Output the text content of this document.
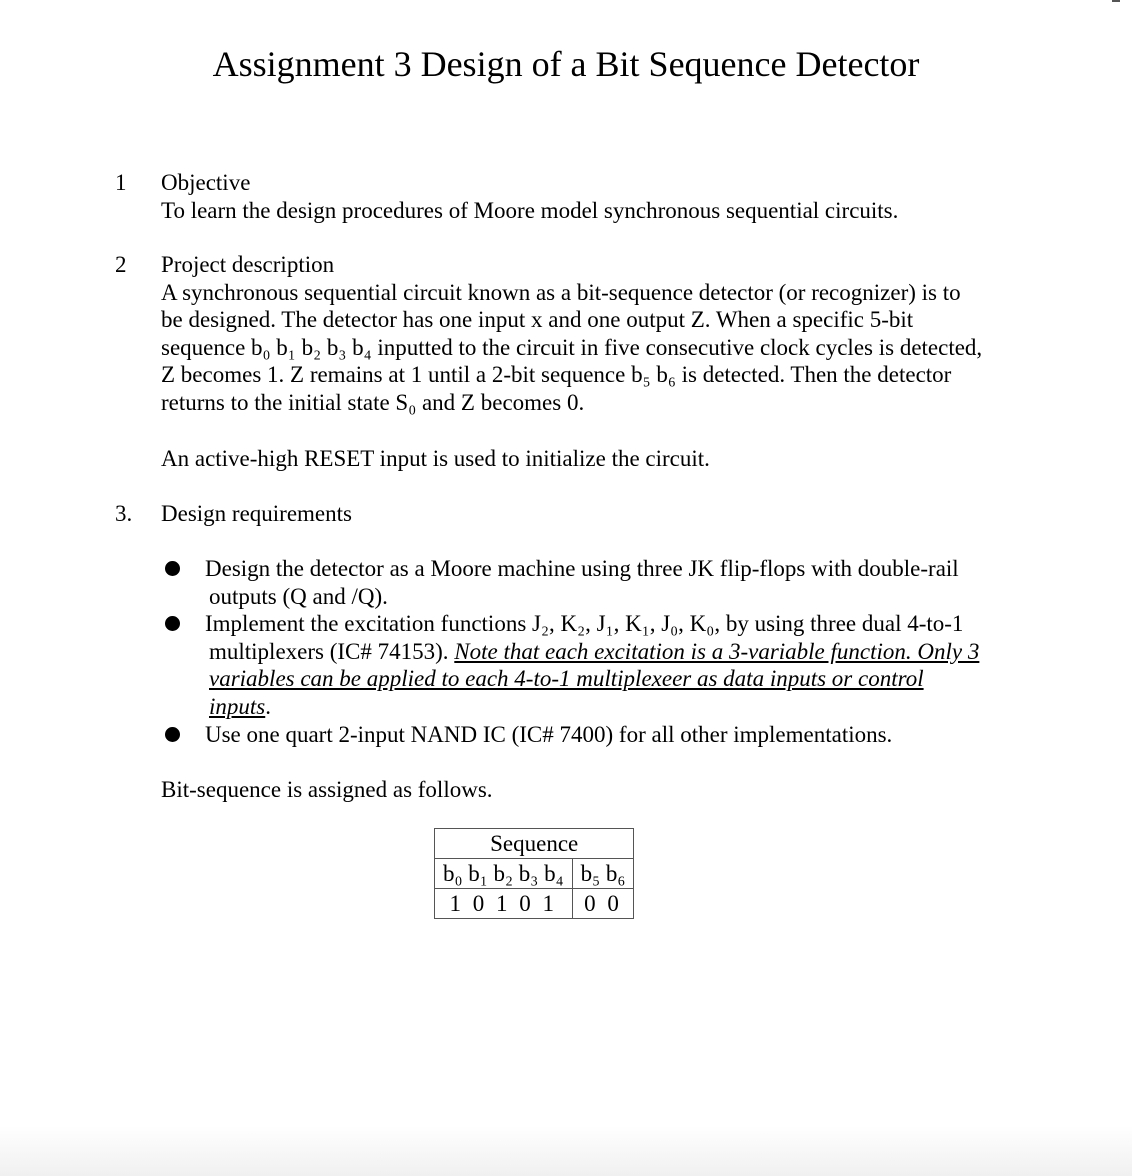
Assignment 3 Design of a Bit Sequence Detector
1 Objective
To learn the design procedures of Moore model synchronous sequential circuits.
2 Project description
A synchronous sequential circuit known as a bit-sequence detector (or recognizer) is to
be designed. The detector has one input x and one output Z. When a specific 5-bit
sequence b₀ b₁ b₂ b₃ b₄ inputted to the circuit in five consecutive clock cycles is detected,
Z becomes 1. Z remains at 1 until a 2-bit sequence b₅ b₆ is detected. Then the detector
returns to the initial state S₀ and Z becomes 0.
An active-high RESET input is used to initialize the circuit.
3. Design requirements
Design the detector as a Moore machine using three JK flip-flops with double-rail
outputs (Q and /Q).
Implement the excitation functions J₂, K₂, J₁, K₁, J₀, K₀, by using three dual 4-to-1
multiplexers (IC# 74153). Note that each excitation is a 3-variable function. Only 3
variables can be applied to each 4-to-1 multiplexeer as data inputs or control
inputs.
Use one quart 2-input NAND IC (IC# 7400) for all other implementations.
Bit-sequence is assigned as follows.
Sequence	
b₀ b₁ b₂ b₃ b₄	b₅ b₆
1 0 1 0 1	0 0
